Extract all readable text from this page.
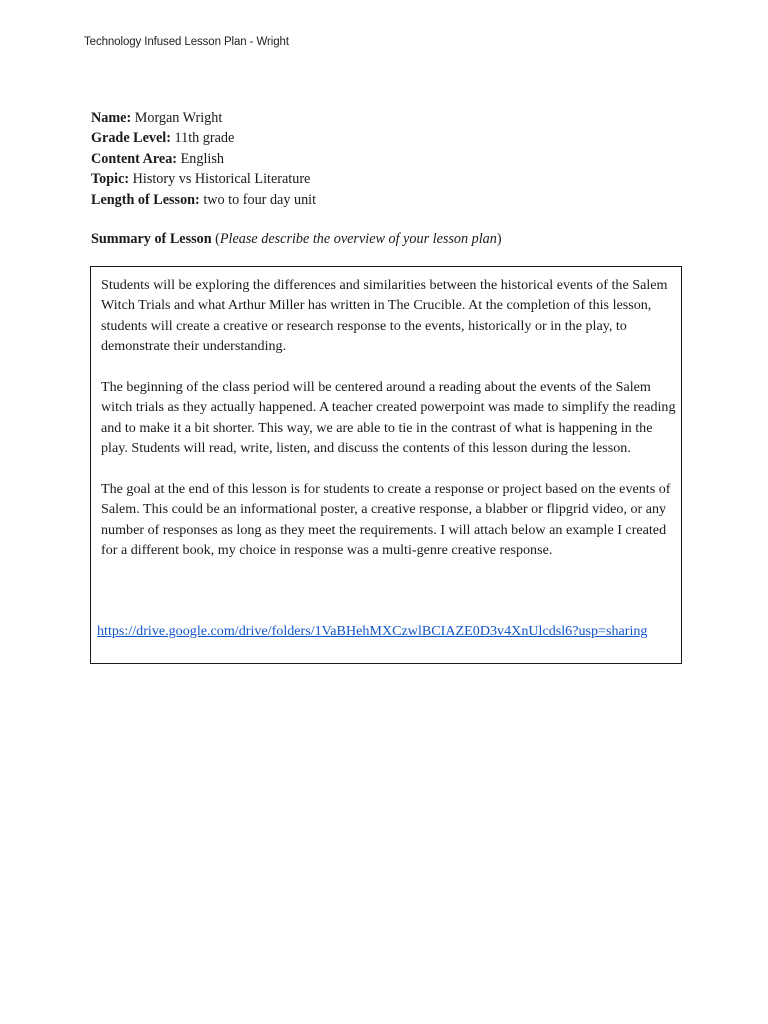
Technology Infused Lesson Plan - Wright
Name: Morgan Wright
Grade Level: 11th grade
Content Area: English
Topic: History vs Historical Literature
Length of Lesson: two to four day unit
Summary of Lesson (Please describe the overview of your lesson plan)

Students will be exploring the differences and similarities between the historical events of the Salem Witch Trials and what Arthur Miller has written in The Crucible. At the completion of this lesson, students will create a creative or research response to the events, historically or in the play, to demonstrate their understanding.

The beginning of the class period will be centered around a reading about the events of the Salem witch trials as they actually happened. A teacher created powerpoint was made to simplify the reading and to make it a bit shorter. This way, we are able to tie in the contrast of what is happening in the play. Students will read, write, listen, and discuss the contents of this lesson during the lesson.

The goal at the end of this lesson is for students to create a response or project based on the events of Salem. This could be an informational poster, a creative response, a blabber or flipgrid video, or any number of responses as long as they meet the requirements. I will attach below an example I created for a different book, my choice in response was a multi-genre creative response.

https://drive.google.com/drive/folders/1VaBHehMXCzwlBCIAZE0D3v4XnUlcdsl6?usp=sharing
